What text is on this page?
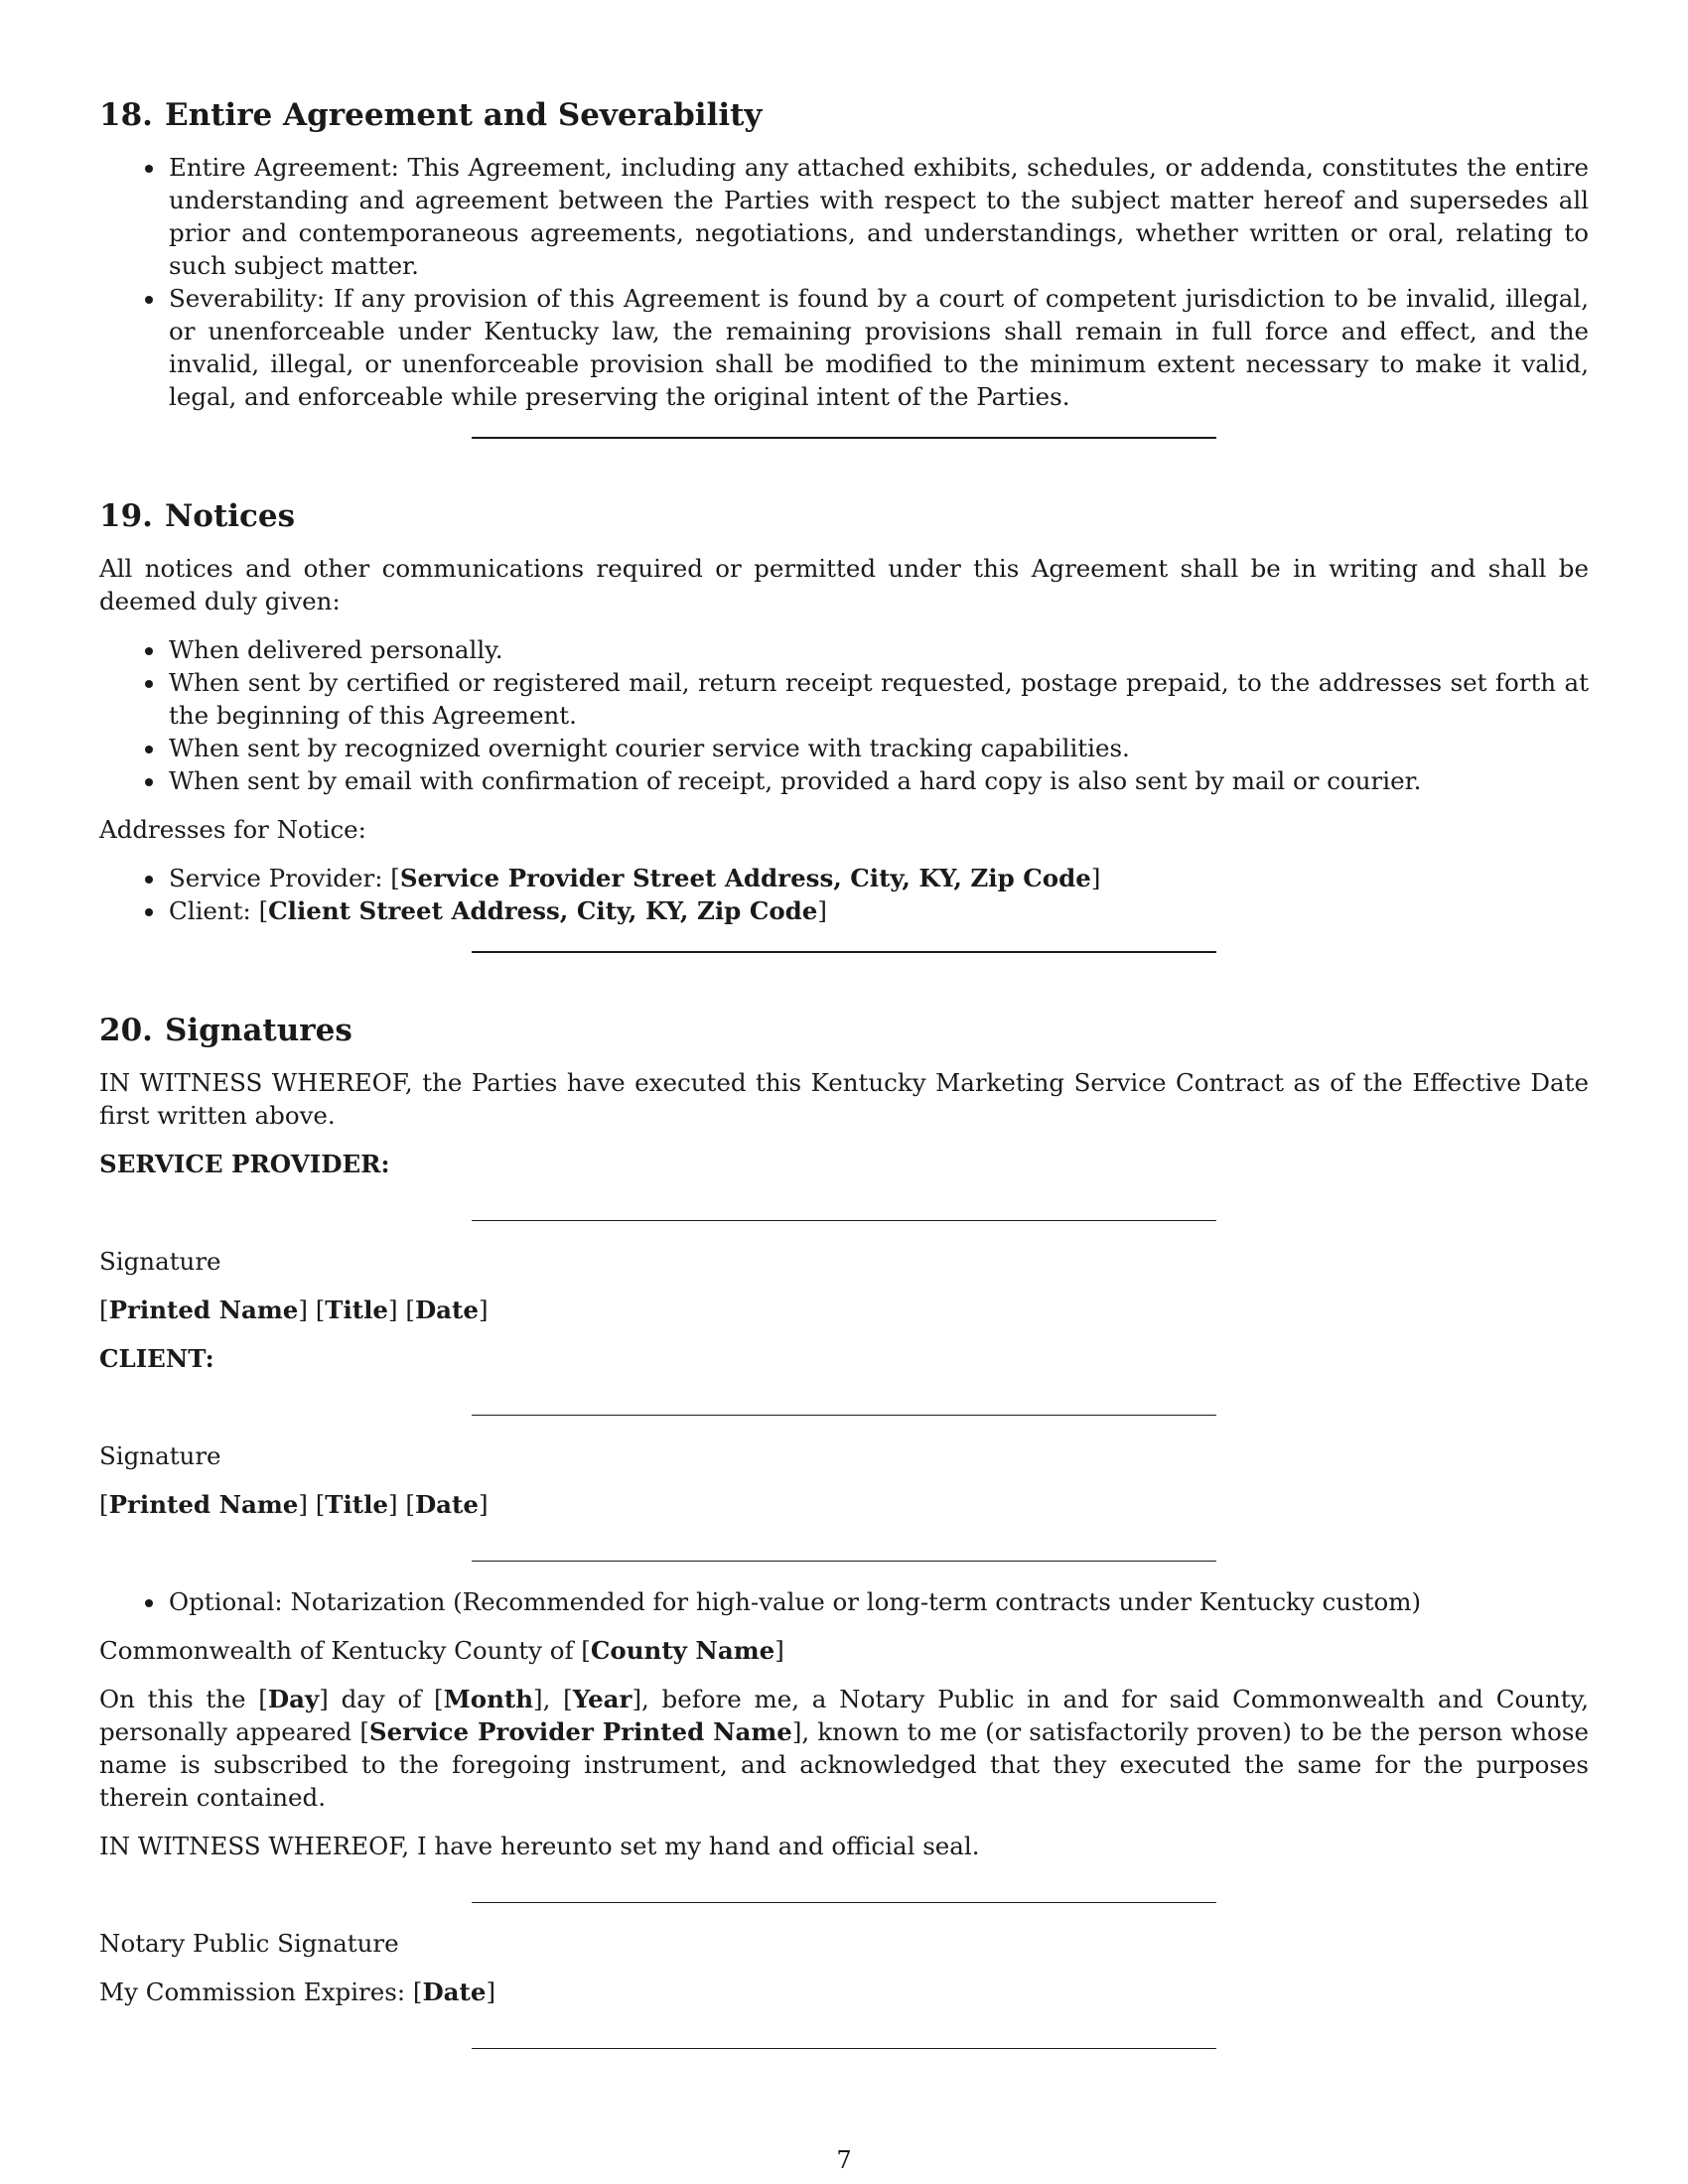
18. Entire Agreement and Severability
• Entire Agreement: This Agreement, including any attached exhibits, schedules, or addenda, constitutes the entire understanding and agreement between the Parties with respect to the subject matter hereof and supersedes all prior and contemporaneous agreements, negotiations, and understandings, whether written or oral, relating to such subject matter.
• Severability: If any provision of this Agreement is found by a court of competent jurisdiction to be invalid, illegal, or unenforceable under Kentucky law, the remaining provisions shall remain in full force and effect, and the invalid, illegal, or unenforceable provision shall be modified to the minimum extent necessary to make it valid, legal, and enforceable while preserving the original intent of the Parties.
19. Notices

All notices and other communications required or permitted under this Agreement shall be in writing and shall be deemed duly given:

• When delivered personally.
• When sent by certified or registered mail, return receipt requested, postage prepaid, to the addresses set forth at the beginning of this Agreement.
• When sent by recognized overnight courier service with tracking capabilities.
• When sent by email with confirmation of receipt, provided a hard copy is also sent by mail or courier.

Addresses for Notice:

• Service Provider: [Service Provider Street Address, City, KY, Zip Code]
• Client: [Client Street Address, City, KY, Zip Code]
20. Signatures

IN WITNESS WHEREOF, the Parties have executed this Kentucky Marketing Service Contract as of the Effective Date first written above.

SERVICE PROVIDER:

Signature

[Printed Name] [Title] [Date]

CLIENT:

Signature

[Printed Name] [Title] [Date]

• Optional: Notarization (Recommended for high-value or long-term contracts under Kentucky custom)

Commonwealth of Kentucky County of [County Name]

On this the [Day] day of [Month], [Year], before me, a Notary Public in and for said Commonwealth and County, personally appeared [Service Provider Printed Name], known to me (or satisfactorily proven) to be the person whose name is subscribed to the foregoing instrument, and acknowledged that they executed the same for the purposes therein contained.

IN WITNESS WHEREOF, I have hereunto set my hand and official seal.

Notary Public Signature

My Commission Expires: [Date]

7
